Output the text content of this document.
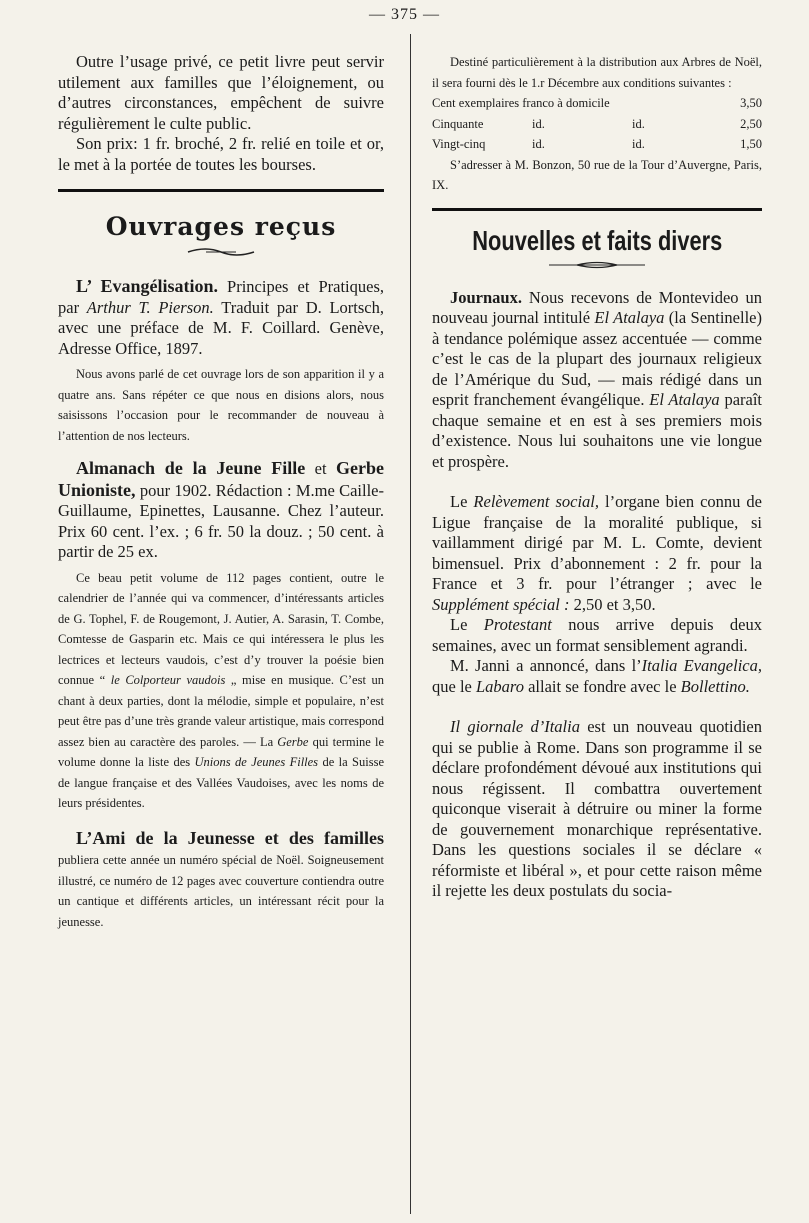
— 375 —

Outre l’usage privé, ce petit livre peut servir utilement aux familles que l’éloignement, ou d’autres circonstances, empêchent de suivre régulièrement le culte public.

Son prix: 1 fr. broché, 2 fr. relié en toile et or, le met à la portée de toutes les bourses.

Ouvrages reçus

L’ Evangélisation. Principes et Pratiques, par Arthur T. Pierson. Traduit par D. Lortsch, avec une préface de M. F. Coillard. Genève, Adresse Office, 1897.

Nous avons parlé de cet ouvrage lors de son apparition il y a quatre ans. Sans répéter ce que nous en disions alors, nous saisissons l’occasion pour le recommander de nouveau à l’attention de nos lecteurs.

Almanach de la Jeune Fille et Gerbe Unioniste, pour 1902. Rédaction : M.me Caille-Guillaume, Epinettes, Lausanne. Chez l’auteur. Prix 60 cent. l’ex. ; 6 fr. 50 la douz. ; 50 cent. à partir de 25 ex.

Ce beau petit volume de 112 pages contient, outre le calendrier de l’année qui va commencer, d’intéressants articles de G. Tophel, F. de Rougemont, J. Autier, A. Sarasin, T. Combe, Comtesse de Gasparin etc. Mais ce qui intéressera le plus les lectrices et lecteurs vaudois, c’est d’y trouver la poésie bien connue “ le Colporteur vaudois „ mise en musique. C’est un chant à deux parties, dont la mélodie, simple et populaire, n’est peut être pas d’une très grande valeur artistique, mais correspond assez bien au caractère des paroles. — La Gerbe qui termine le volume donne la liste des Unions de Jeunes Filles de la Suisse de langue française et des Vallées Vaudoises, avec les noms de leurs présidentes.

L’Ami de la Jeunesse et des familles publiera cette année un numéro spécial de Noël. Soigneusement illustré, ce numéro de 12 pages avec couverture contiendra outre un cantique et différents articles, un intéressant récit pour la jeunesse.

Destiné particulièrement à la distribution aux Arbres de Noël, il sera fourni dès le 1.r Décembre aux conditions suivantes :

Cent exemplaires franco à domicile			3,50
Cinquante	id.	id.	2,50
Vingt-cinq	id.	id.	1,50

S’adresser à M. Bonzon, 50 rue de la Tour d’Auvergne, Paris, IX.

Nouvelles et faits divers

Journaux. Nous recevons de Montevideo un nouveau journal intitulé El Atalaya (la Sentinelle) à tendance polémique assez accentuée — comme c’est le cas de la plupart des journaux religieux de l’Amérique du Sud, — mais rédigé dans un esprit franchement évangélique. El Atalaya paraît chaque semaine et en est à ses premiers mois d’existence. Nous lui souhaitons une vie longue et prospère.

Le Relèvement social, l’organe bien connu de Ligue française de la moralité publique, si vaillamment dirigé par M. L. Comte, devient bimensuel. Prix d’abonnement : 2 fr. pour la France et 3 fr. pour l’étranger ; avec le Supplément spécial : 2,50 et 3,50.

Le Protestant nous arrive depuis deux semaines, avec un format sensiblement agrandi.

M. Janni a annoncé, dans l’Italia Evangelica, que le Labaro allait se fondre avec le Bollettino.

Il giornale d’Italia est un nouveau quotidien qui se publie à Rome. Dans son programme il se déclare profondément dévoué aux institutions qui nous régissent. Il combattra ouvertement quiconque viserait à détruire ou miner la forme de gouvernement monarchique représentative. Dans les questions sociales il se déclare « réformiste et libéral », et pour cette raison même il rejette les deux postulats du socia-
